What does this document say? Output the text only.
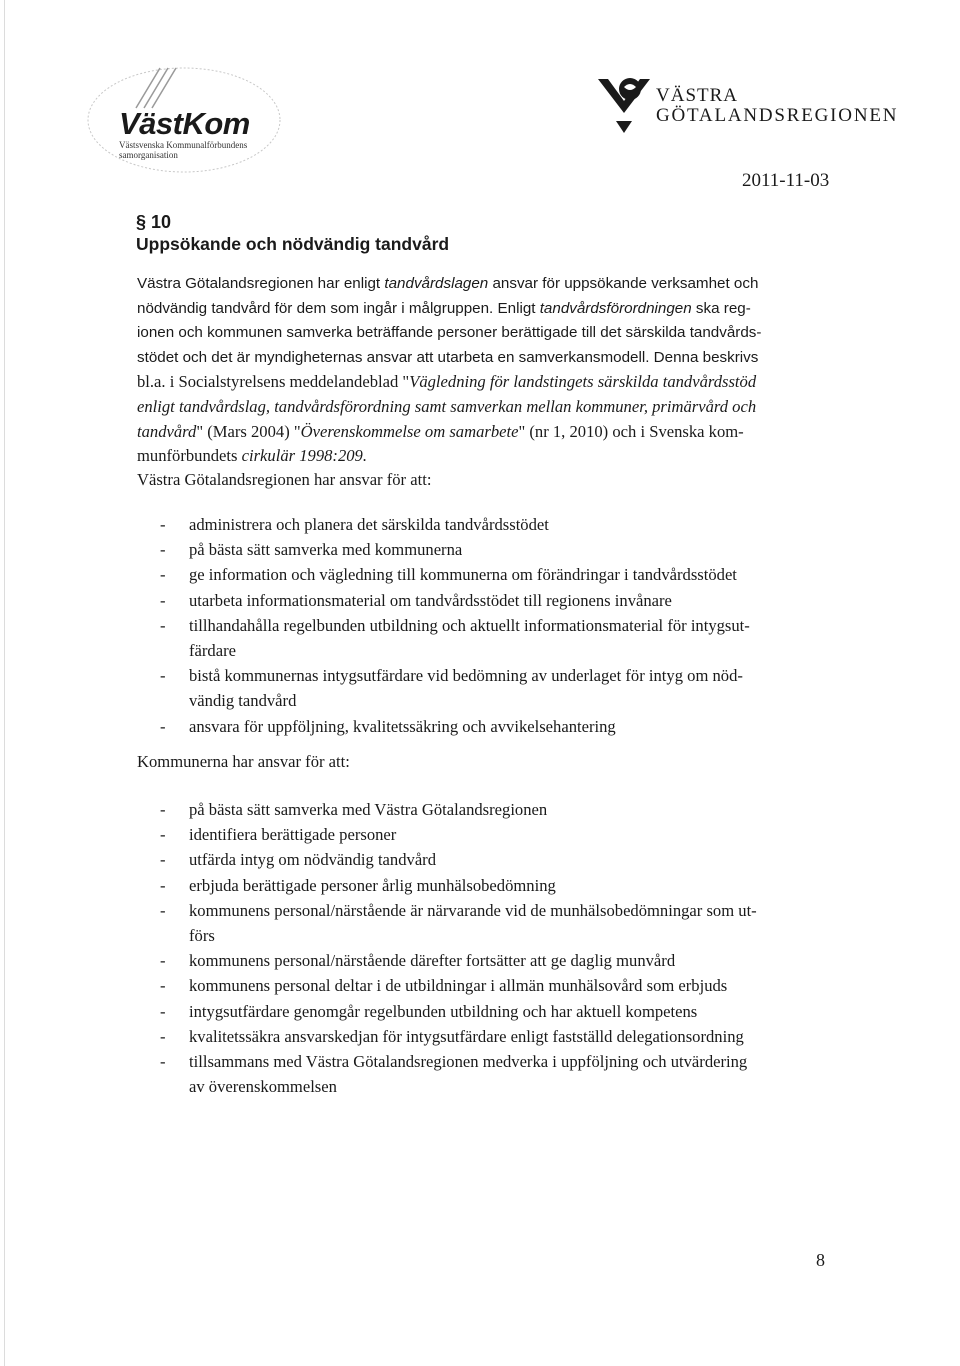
VästKom
Västsvenska Kommunalförbundens
samorganisation
VÄSTRA
GÖTALANDSREGIONEN
2011-11-03
§ 10
Uppsökande och nödvändig tandvård
Västra Götalandsregionen har enligt tandvårdslagen ansvar för uppsökande verksamhet och
nödvändig tandvård för dem som ingår i målgruppen. Enligt tandvårdsförordningen ska reg-
ionen och kommunen samverka beträffande personer berättigade till det särskilda tandvårds-
stödet och det är myndigheternas ansvar att utarbeta en samverkansmodell. Denna beskrivs
bl.a. i Socialstyrelsens meddelandeblad "Vägledning för landstingets särskilda tandvårdsstöd
enligt tandvårdslag, tandvårdsförordning samt samverkan mellan kommuner, primärvård och
tandvård" (Mars 2004) "Överenskommelse om samarbete" (nr 1, 2010) och i Svenska kom-
munförbundets cirkulär 1998:209.
Västra Götalandsregionen har ansvar för att:
- administrera och planera det särskilda tandvårdsstödet
- på bästa sätt samverka med kommunerna
- ge information och vägledning till kommunerna om förändringar i tandvårdsstödet
- utarbeta informationsmaterial om tandvårdsstödet till regionens invånare
- tillhandahålla regelbunden utbildning och aktuellt informationsmaterial för intygsut-
färdare
- bistå kommunernas intygsutfärdare vid bedömning av underlaget för intyg om nöd-
vändig tandvård
- ansvara för uppföljning, kvalitetssäkring och avvikelsehantering
Kommunerna har ansvar för att:
- på bästa sätt samverka med Västra Götalandsregionen
- identifiera berättigade personer
- utfärda intyg om nödvändig tandvård
- erbjuda berättigade personer årlig munhälsobedömning
- kommunens personal/närstående är närvarande vid de munhälsobedömningar som ut-
förs
- kommunens personal/närstående därefter fortsätter att ge daglig munvård
- kommunens personal deltar i de utbildningar i allmän munhälsovård som erbjuds
- intygsutfärdare genomgår regelbunden utbildning och har aktuell kompetens
- kvalitetssäkra ansvarskedjan för intygsutfärdare enligt fastställd delegationsordning
- tillsammans med Västra Götalandsregionen medverka i uppföljning och utvärdering
av överenskommelsen
8
